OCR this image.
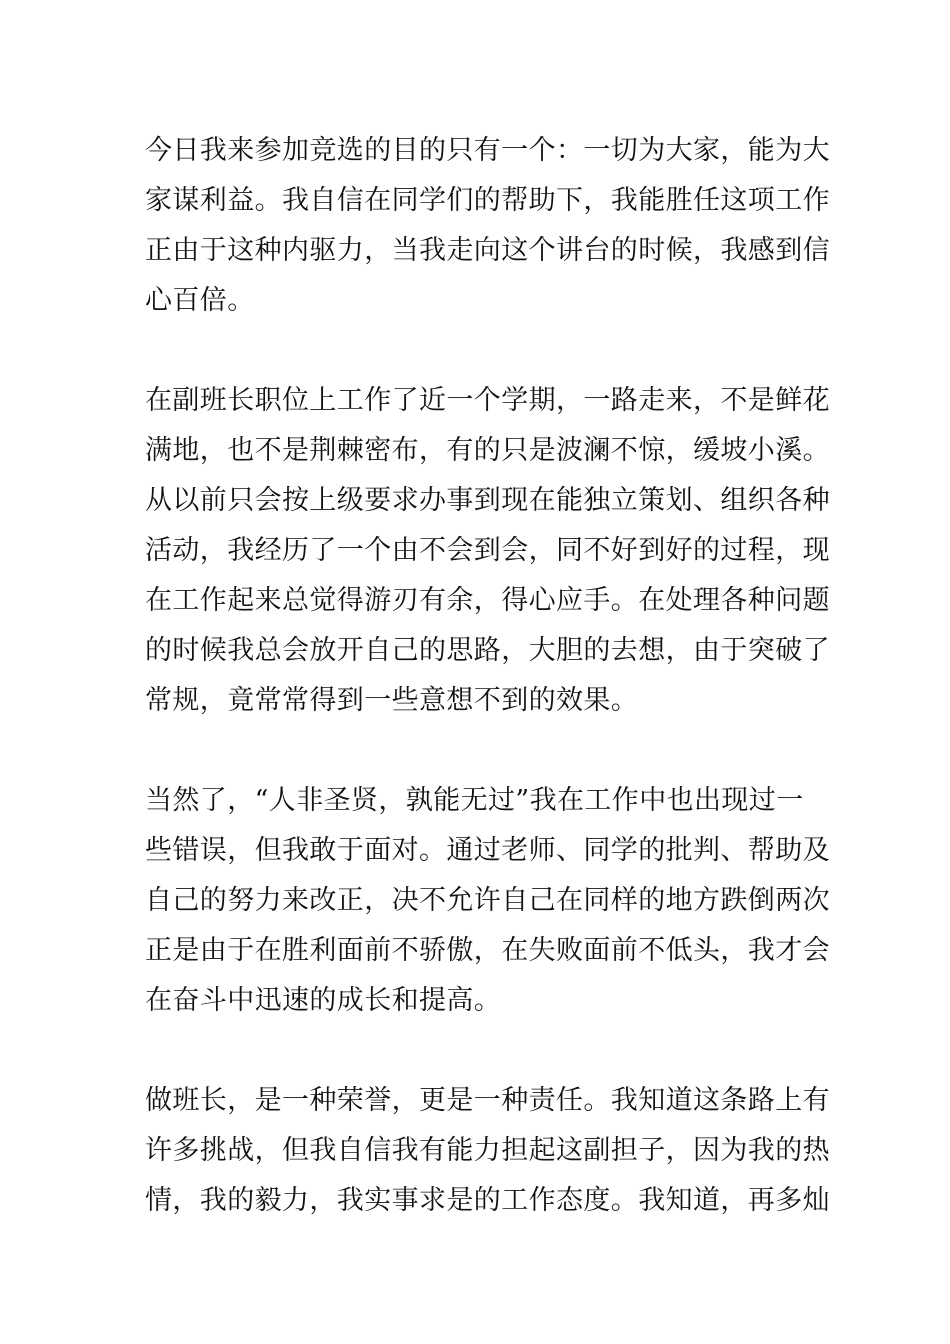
今日我来参加竞选的目的只有一个：一切为大家，能为大
家谋利益。我自信在同学们的帮助下，我能胜任这项工作
正由于这种内驱力，当我走向这个讲台的时候，我感到信
心百倍。
在副班长职位上工作了近一个学期，一路走来，不是鲜花
满地，也不是荆棘密布，有的只是波澜不惊，缓坡小溪。
从以前只会按上级要求办事到现在能独立策划、组织各种
活动，我经历了一个由不会到会，同不好到好的过程，现
在工作起来总觉得游刃有余，得心应手。在处理各种问题
的时候我总会放开自己的思路，大胆的去想，由于突破了
常规，竟常常得到一些意想不到的效果。
当然了，“人非圣贤，孰能无过”我在工作中也出现过一
些错误，但我敢于面对。通过老师、同学的批判、帮助及
自己的努力来改正，决不允许自己在同样的地方跌倒两次
正是由于在胜利面前不骄傲，在失败面前不低头，我才会
在奋斗中迅速的成长和提高。
做班长，是一种荣誉，更是一种责任。我知道这条路上有
许多挑战，但我自信我有能力担起这副担子，因为我的热
情，我的毅力，我实事求是的工作态度。我知道，再多灿
